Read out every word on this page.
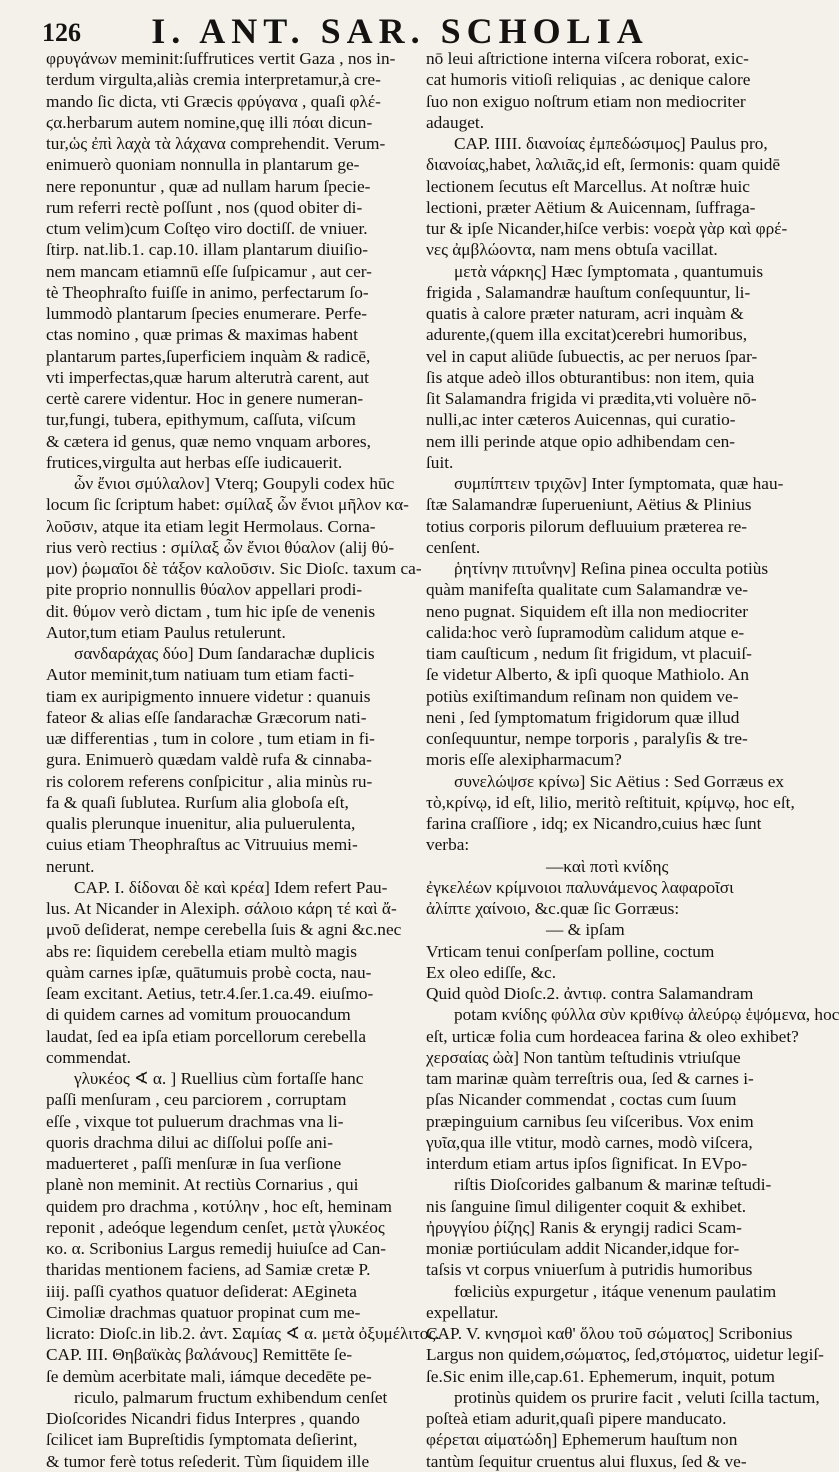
126	I. ANT. SAR. SCHOLIA
φρυγάνων meminit:ſuffrutices vertit Gaza , nos in-
terdum virgulta,aliàs cremia interpretamur,à cre-
mando ſic dicta, vti Græcis φρύγανα , quaſi φλέ-
ϛα.herbarum autem nomine,quę illi πόαι dicun-
tur,ὡς ἐπὶ λαχὰ τὰ λάχανα comprehendit. Verum-
enimuerò quoniam nonnulla in plantarum ge-
nere reponuntur , quæ ad nullam harum ſpecie-
rum referri rectè poſſunt , nos (quod obiter di-
ctum velim)cum Coſtęo viro doctiſſ. de vniuer.
ſtirp. nat.lib.1. cap.10. illam plantarum diuiſio-
nem mancam etiamnū eſſe ſuſpicamur , aut cer-
tè Theophraſto fuiſſe in animo, perfectarum ſo-
lummodò plantarum ſpecies enumerare. Perfe-
ctas nomino , quæ primas & maximas habent
plantarum partes,ſuperficiem inquàm & radicē,
vti imperfectas,quæ harum alterutrà carent, aut
certè carere videntur. Hoc in genere numeran-
tur,fungi, tubera, epithymum, caſſuta, viſcum
& cætera id genus, quæ nemo vnquam arbores,
frutices,virgulta aut herbas eſſe iudicauerit.
ὧν ἔνιοι σμύλαλον] Vterq; Goupyli codex hūc
locum ſic ſcriptum habet: σμίλαξ ὧν ἔνιοι μῆλον κα-
λοῦσιν, atque ita etiam legit Hermolaus. Corna-
rius verò rectius : σμίλαξ ὧν ἔνιοι θύαλον (alij θύ-
μον) ῥωμαῖοι δὲ τάξον καλοῦσιν. Sic Dioſc. taxum ca-
pite proprio nonnullis θύαλον appellari prodi-
dit. θύμον verò dictam , tum hic ipſe de venenis
Autor,tum etiam Paulus retulerunt.
σανδαράχας δύο] Dum ſandarachæ duplicis
Autor meminit,tum natiuam tum etiam facti-
tiam ex auripigmento innuere videtur : quanuis
fateor & alias eſſe ſandarachæ Græcorum nati-
uæ differentias , tum in colore , tum etiam in fi-
gura. Enimuerò quædam valdè rufa & cinnaba-
ris colorem referens conſpicitur , alia minùs ru-
fa & quaſi ſublutea. Rurſum alia globoſa eſt,
qualis plerunque inuenitur, alia puluerulenta,
cuius etiam Theophraſtus ac Vitruuius memi-
nerunt.
CAP. I. δίδοναι δὲ καὶ κρέα] Idem refert Pau-
lus. At Nicander in Alexiph. σάλοιο κάρη τέ καὶ ἄ-
μνοῦ deſiderat, nempe cerebella ſuis & agni &c.nec
abs re: ſiquidem cerebella etiam multò magis
quàm carnes ipſæ, quātumuis probè cocta, nau-
ſeam excitant. Aetius, tetr.4.ſer.1.ca.49. eiuſmo-
di quidem carnes ad vomitum prouocandum
laudat, ſed ea ipſa etiam porcellorum cerebella
commendat.
γλυκέος ∢ α. ] Ruellius cùm fortaſſe hanc
paſſi menſuram , ceu parciorem , corruptam
eſſe , vixque tot puluerum drachmas vna li-
quoris drachma dilui ac diſſolui poſſe ani-
maduerteret , paſſi menſuræ in ſua verſione
planè non meminit. At rectiùs Cornarius , qui
quidem pro drachma , κοτύλην , hoc eſt, heminam
reponit , adeóque legendum cenſet, μετὰ γλυκέος
κο. α. Scribonius Largus remedij huiuſce ad Can-
tharidas mentionem faciens, ad Samiæ cretæ P.
iiij. paſſi cyathos quatuor deſiderat: AEgineta
Cimoliæ drachmas quatuor propinat cum me-
licrato: Dioſc.in lib.2. ἀντ. Σαμίας ∢ α. μετὰ ὀξυμέλιτος.
CAP. III. Θηβαϊκὰς βαλάνους] Remittēte ſe-
ſe demùm acerbitate mali, iámque decedēte pe-
riculo, palmarum fructum exhibendum cenſet
Dioſcorides Nicandri fidus Interpres , quando
ſcilicet iam Bupreſtidis ſymptomata deſierint,
& tumor ferè totus reſederit. Tùm ſiquidem ille
nō leui aſtrictione interna viſcera roborat, exic-
cat humoris vitioſi reliquias , ac denique calore
ſuo non exiguo noſtrum etiam non mediocriter
adauget.
CAP. IIII. διανοίας ἐμπεδώσιμος] Paulus pro,
διανοίας,habet, λαλιᾶς,id eſt, ſermonis: quam quidē
lectionem ſecutus eſt Marcellus. At noſtræ huic
lectioni, præter Aëtium & Auicennam, ſuffraga-
tur & ipſe Nicander,hiſce verbis: νοερὰ γὰρ καὶ φρέ-
νες ἀμβλώοντα, nam mens obtuſa vacillat.
μετὰ νάρκης] Hæc ſymptomata , quantumuis
frigida , Salamandræ hauſtum conſequuntur, li-
quatis à calore præter naturam, acri inquàm &
adurente,(quem illa excitat)cerebri humoribus,
vel in caput aliūde ſubuectis, ac per neruos ſpar-
ſis atque adeò illos obturantibus: non item, quia
ſit Salamandra frigida vi prædita,vti voluère nō-
nulli,ac inter cæteros Auicennas, qui curatio-
nem illi perinde atque opio adhibendam cen-
ſuit.
συμπίπτειν τριχῶν] Inter ſymptomata, quæ hau-
ſtæ Salamandræ ſuperueniunt, Aëtius & Plinius
totius corporis pilorum defluuium præterea re-
cenſent.
ῥητίνην πιτυΐνην] Reſina pinea occulta potiùs
quàm manifeſta qualitate cum Salamandræ ve-
neno pugnat. Siquidem eſt illa non mediocriter
calida:hoc verò ſupramodùm calidum atque e-
tiam cauſticum , nedum ſit frigidum, vt placuiſ-
ſe videtur Alberto, & ipſi quoque Mathiolo. An
potiùs exiſtimandum reſinam non quidem ve-
neni , ſed ſymptomatum frigidorum quæ illud
conſequuntur, nempe torporis , paralyſis & tre-
moris eſſe alexipharmacum?
συνελώψσε κρίνω] Sic Aëtius : Sed Gorræus ex
τὸ,κρίνῳ, id eſt, lilio, meritò reſtituit, κρίμνῳ, hoc eſt,
farina craſſiore , idq; ex Nicandro,cuius hæc ſunt
verba:
—καὶ ποτὶ κνίδης
ἐγκελέων κρίμνοιοι παλυνάμενος λαφαροῖσι
ἀλίπτε χαίνοιο, &c.quæ ſic Gorræus:
— & ipſam
Vrticam tenui conſperſam polline, coctum
Ex oleo ediſſe, &c.
Quid quòd Dioſc.2. ἀντιφ. contra Salamandram
potam κνίδης φύλλα σὺν κριθίνῳ ἀλεύρῳ ἑψόμενα, hoc
eſt, urticæ folia cum hordeacea farina & oleo exhibet?
χερσαίας ὠὰ] Non tantùm teſtudinis vtriuſque
tam marinæ quàm terreſtris oua, ſed & carnes i-
pſas Nicander commendat , coctas cum ſuum
præpinguium carnibus ſeu viſceribus. Vox enim
γυῖα,qua ille vtitur, modò carnes, modò viſcera,
interdum etiam artus ipſos ſignificat. In EVpo-
riſtis Dioſcorides galbanum & marinæ teſtudi-
nis ſanguine ſimul diligenter coquit & exhibet.
ἠρυγγίου ῥίζης] Ranis & eryngij radici Scam-
moniæ portiúculam addit Nicander,idque for-
taſsis vt corpus vniuerſum à putridis humoribus
fœliciùs expurgetur , itáque venenum paulatim
expellatur.
CAP. V. κνησμοὶ καθ' ὅλου τοῦ σώματος] Scribonius
Largus non quidem,σώματος, ſed,στόματος, uidetur legiſ-
ſe.Sic enim ille,cap.61. Ephemerum, inquit, potum
protinùs quidem os prurire facit , veluti ſcilla tactum,
poſteà etiam adurit,quaſi pipere manducato.
φέρεται αἱματώδη] Ephemerum hauſtum non
tantùm ſequitur cruentus alui fluxus, ſed & ve-
